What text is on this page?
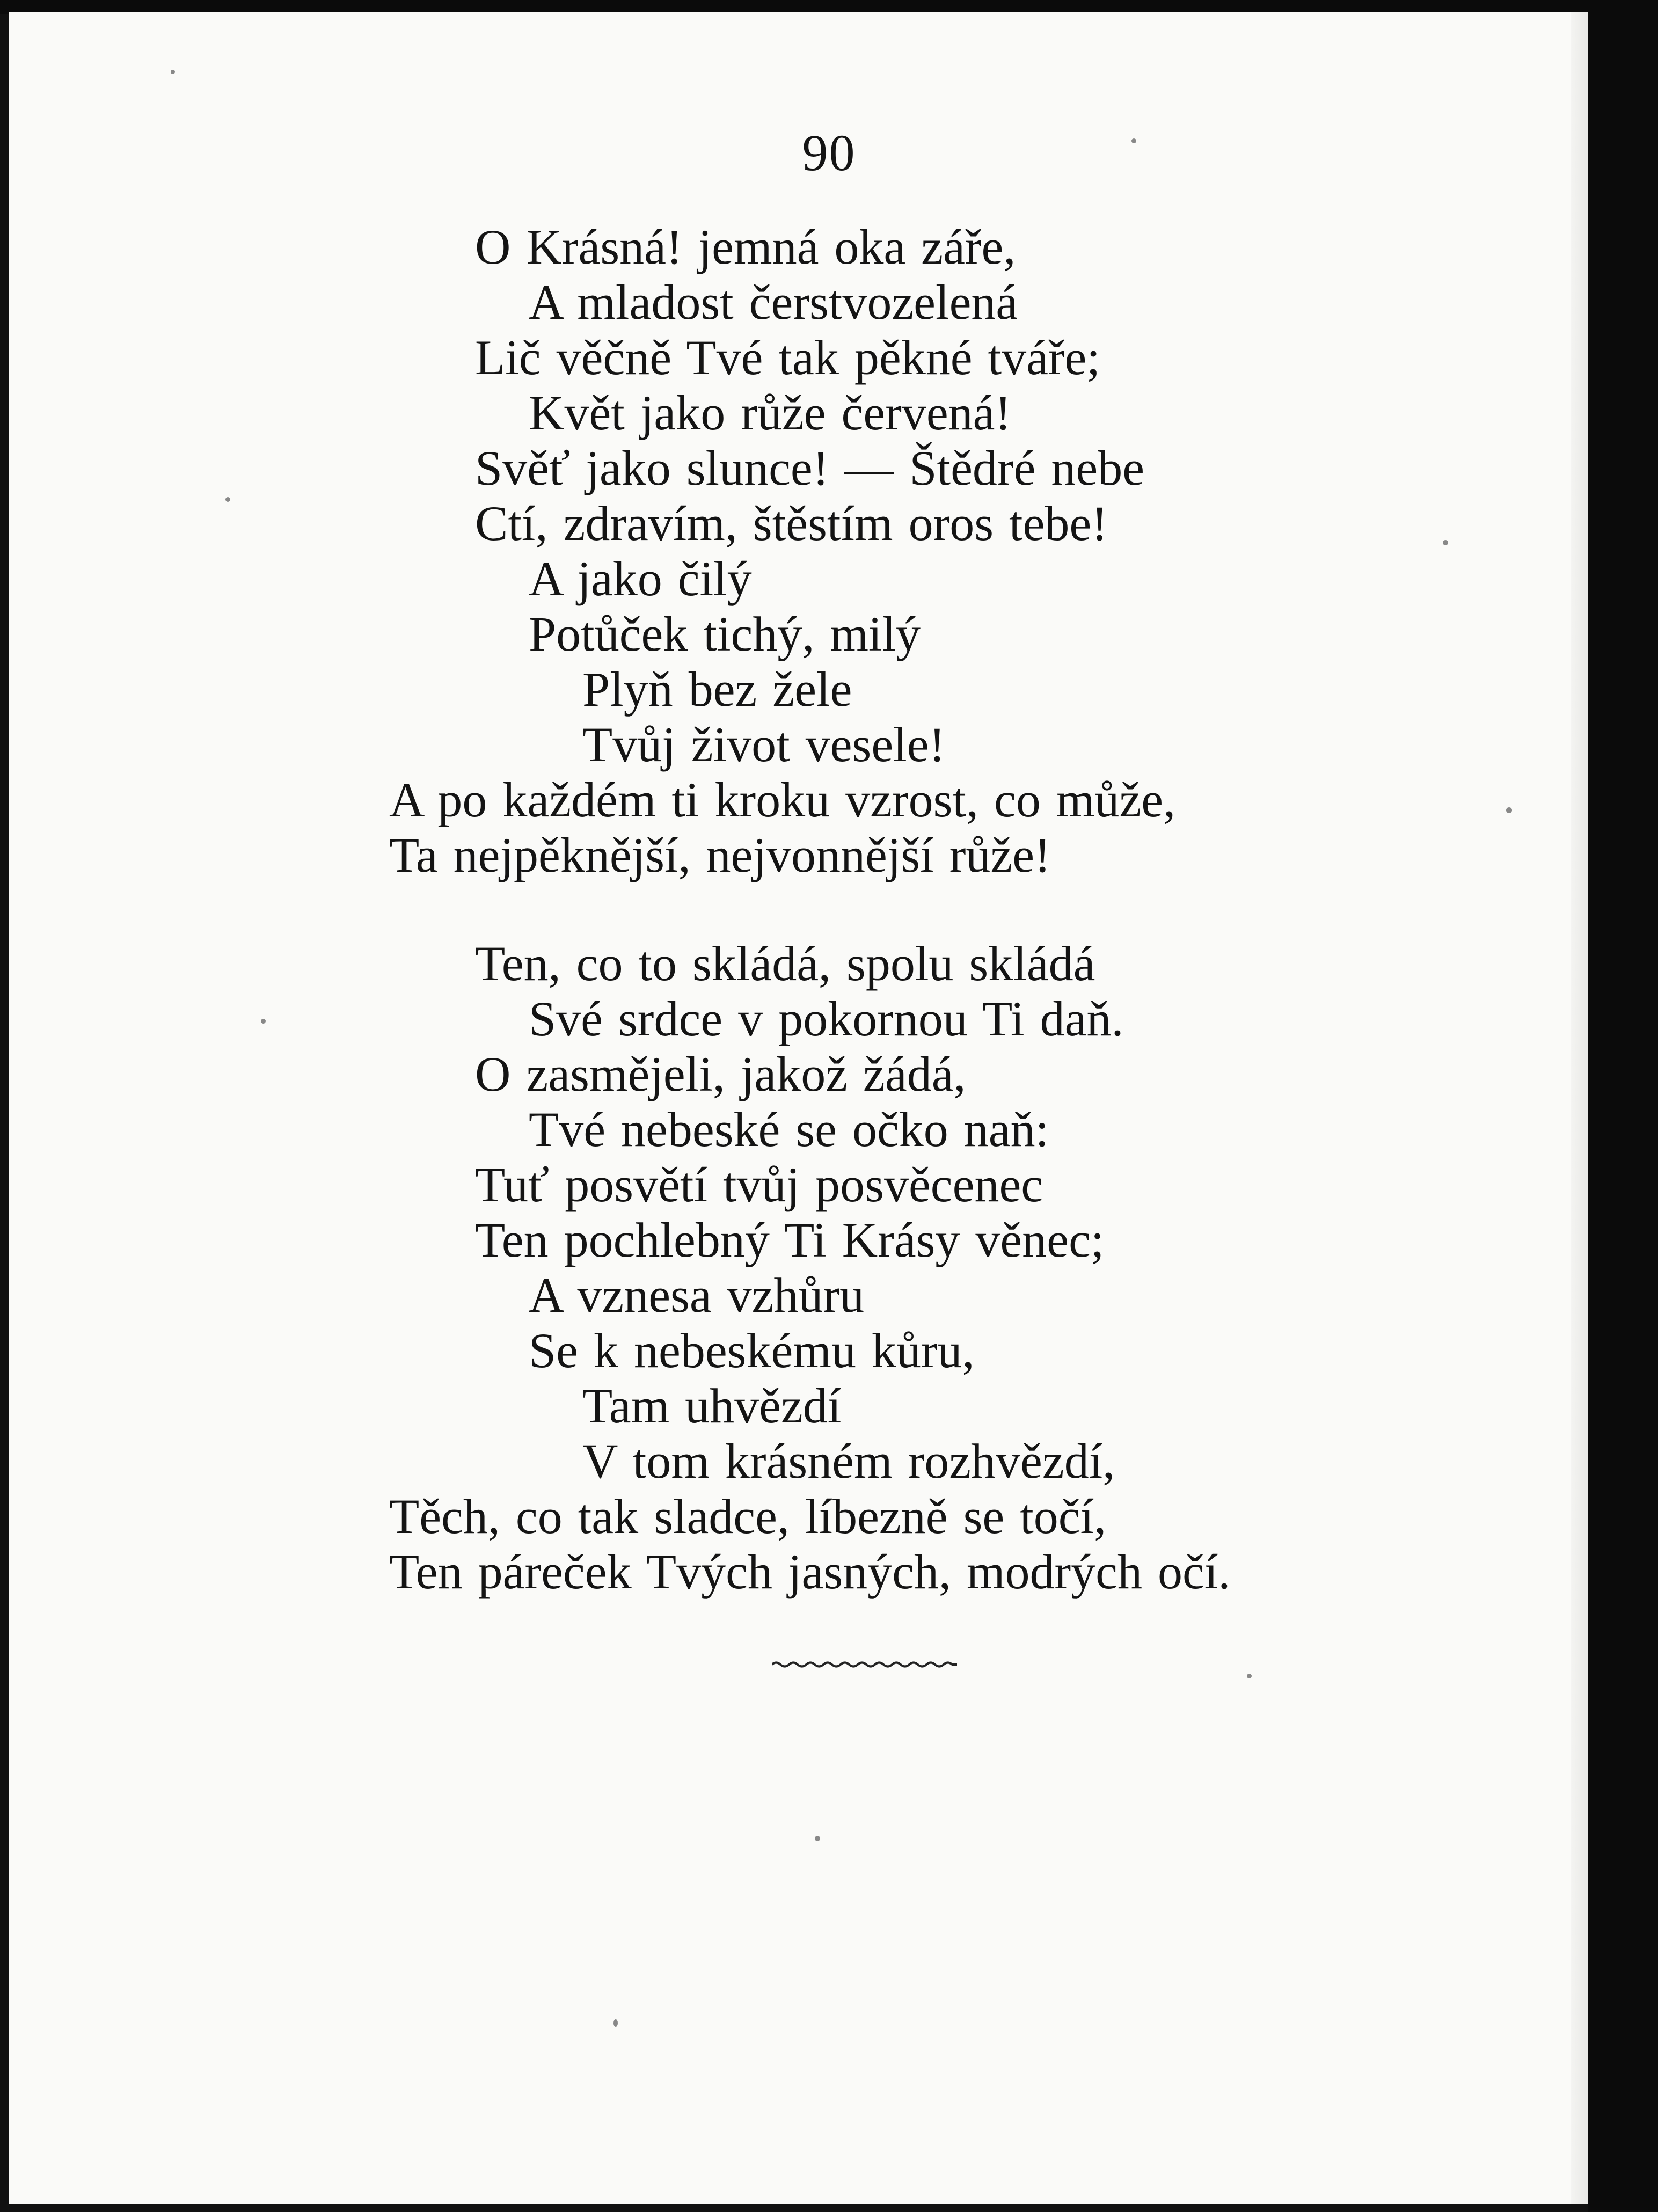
90
O Krásná! jemná oka záře,
A mladost čerstvozelená
Lič věčně Tvé tak pěkné tváře;
Květ jako růže červená!
Svěť jako slunce! — Štědré nebe
Ctí, zdravím, štěstím oros tebe!
A jako čilý
Potůček tichý, milý
Plyň bez žele
Tvůj život vesele!
A po každém ti kroku vzrost, co může,
Ta nejpěknější, nejvonnější růže!
Ten, co to skládá, spolu skládá
Své srdce v pokornou Ti daň.
O zasmějeli, jakož žádá,
Tvé nebeské se očko naň:
Tuť posvětí tvůj posvěcenec
Ten pochlebný Ti Krásy věnec;
A vznesa vzhůru
Se k nebeskému kůru,
Tam uhvězdí
V tom krásném rozhvězdí,
Těch, co tak sladce, líbezně se točí,
Ten páreček Tvých jasných, modrých očí.
